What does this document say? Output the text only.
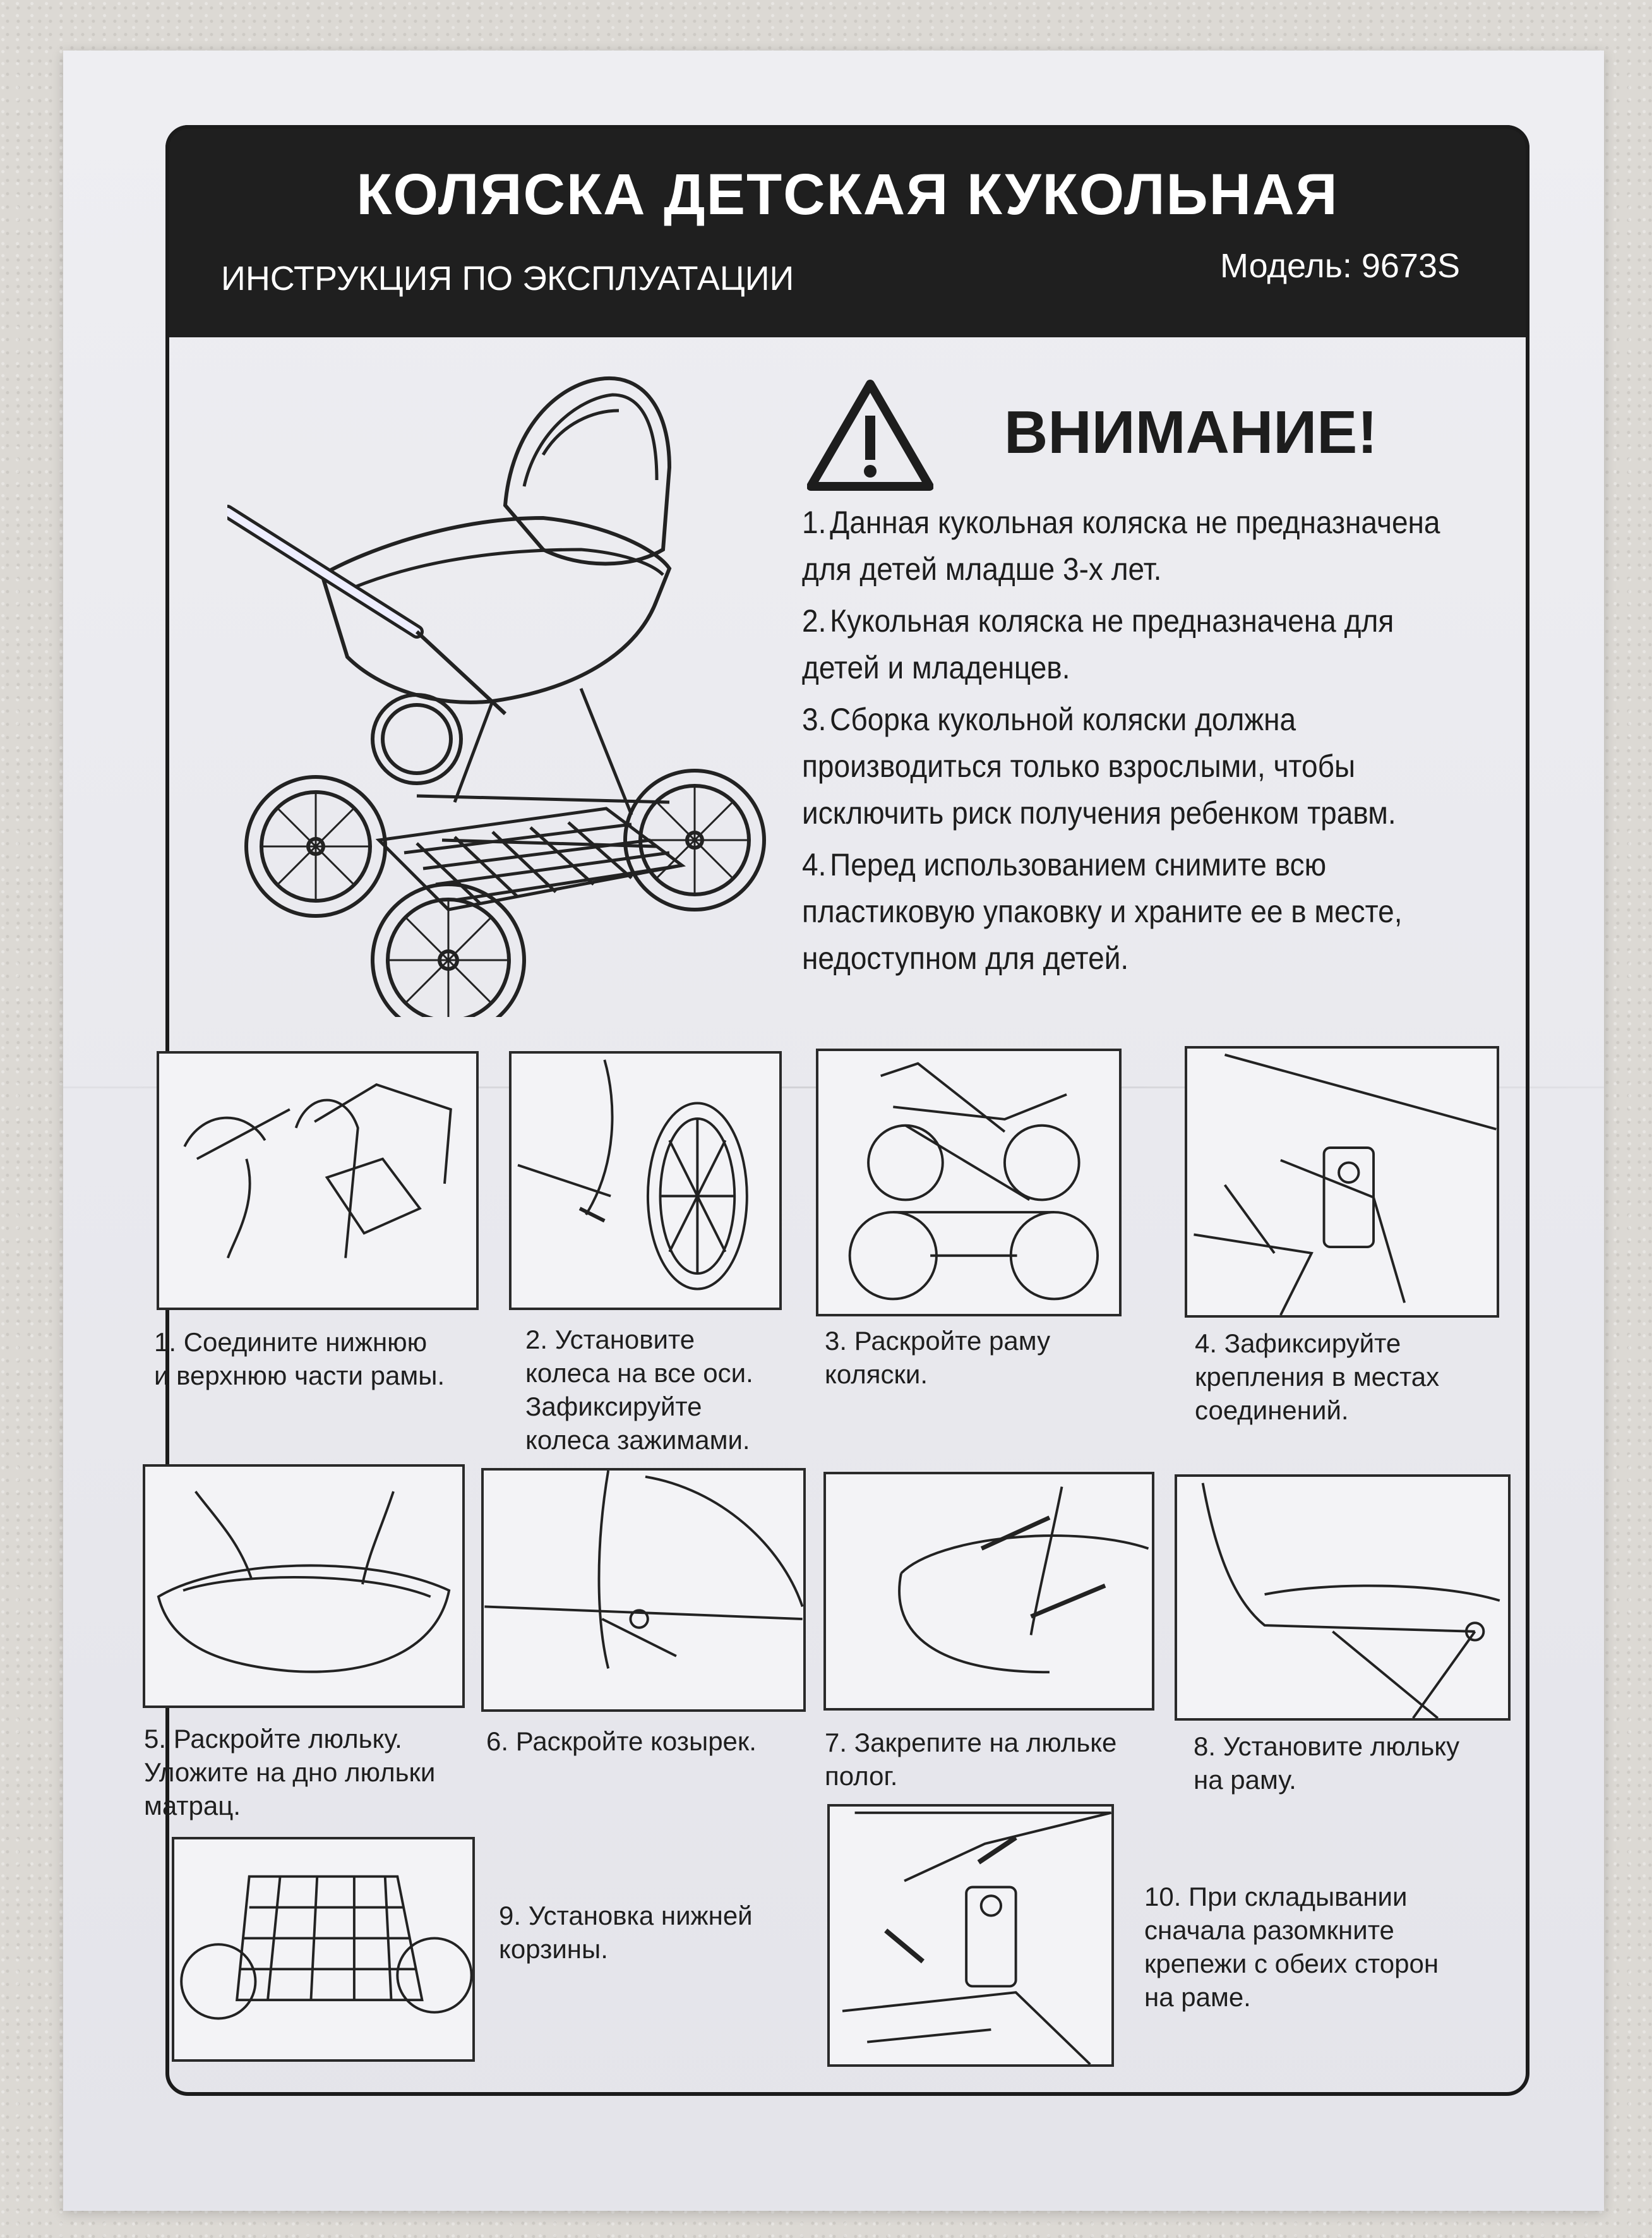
КОЛЯСКА ДЕТСКАЯ КУКОЛЬНАЯ
ИНСТРУКЦИЯ ПО ЭКСПЛУАТАЦИИ	Модель: 9673S
ВНИМАНИЕ!
1. Данная кукольная коляска не предназначена для детей младше 3-х лет.
2. Кукольная коляска не предназначена для детей и младенцев.
3. Сборка кукольной коляски должна производиться только взрослыми, чтобы исключить риск получения ребенком травм.
4. Перед использованием снимите всю пластиковую упаковку и храните ее в месте, недоступном для детей.
1. Соедините нижнюю
и верхнюю части рамы.
2. Установите
колеса на все оси.
Зафиксируйте
колеса зажимами.
3. Раскройте раму
коляски.
4. Зафиксируйте
крепления в местах
соединений.
5. Раскройте люльку.
Уложите на дно люльки
матрац.
6. Раскройте козырек.	7. Закрепите на люльке
полог.
8. Установите люльку
на раму.
9. Установка нижней
корзины.
10. При складывании
сначала разомкните
крепежи с обеих сторон
на раме.
